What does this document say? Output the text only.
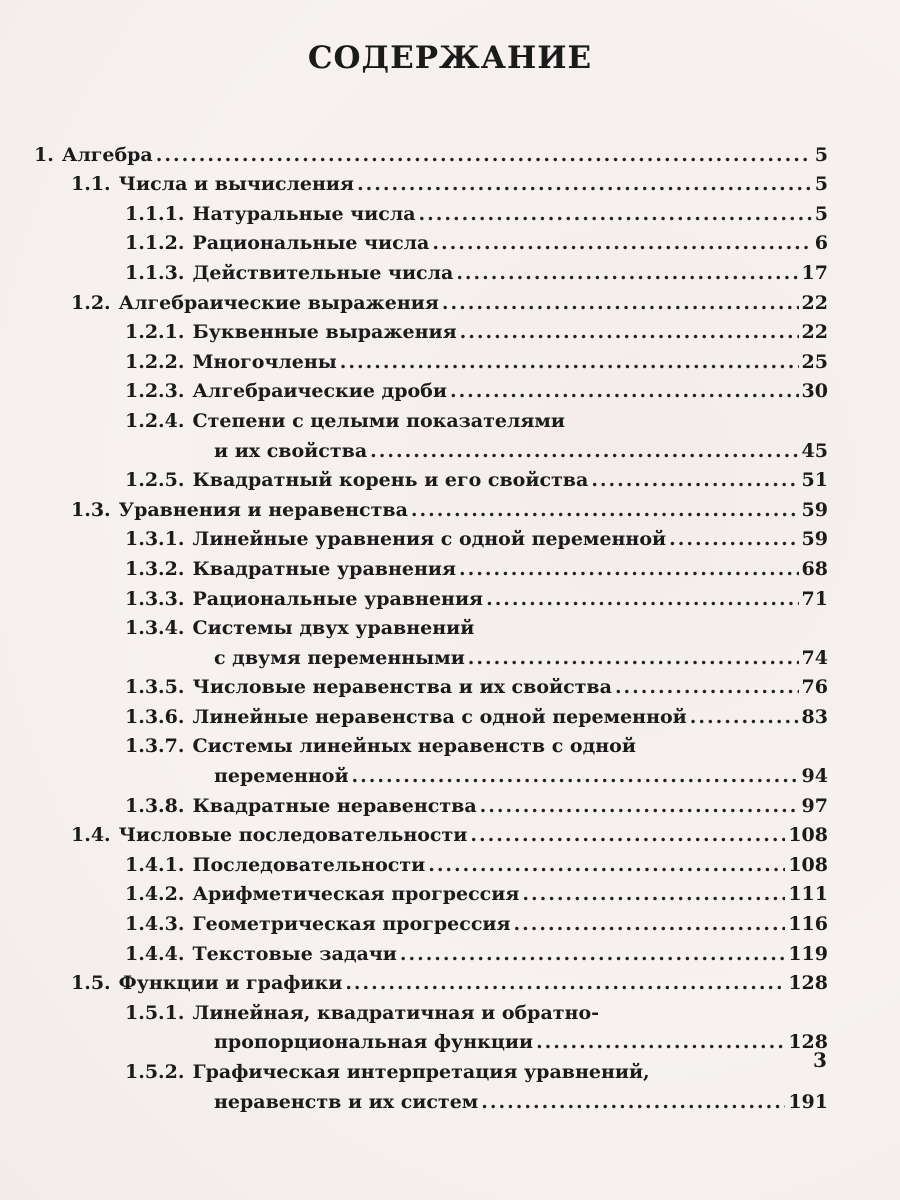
СОДЕРЖАНИЕ
1. Алгебра .....	5
1.1. Числа и вычисления .....	5
1.1.1. Натуральные числа .....	5
1.1.2. Рациональные числа .....	6
1.1.3. Действительные числа .....	17
1.2. Алгебраические выражения .....	22
1.2.1. Буквенные выражения .....	22
1.2.2. Многочлены .....	25
1.2.3. Алгебраические дроби .....	30
1.2.4. Степени с целыми показателями
и их свойства .....	45
1.2.5. Квадратный корень и его свойства .....	51
1.3. Уравнения и неравенства .....	59
1.3.1. Линейные уравнения с одной переменной .....	59
1.3.2. Квадратные уравнения .....	68
1.3.3. Рациональные уравнения .....	71
1.3.4. Системы двух уравнений
с двумя переменными .....	74
1.3.5. Числовые неравенства и их свойства .....	76
1.3.6. Линейные неравенства с одной переменной .....	83
1.3.7. Системы линейных неравенств с одной
переменной .....	94
1.3.8. Квадратные неравенства .....	97
1.4. Числовые последовательности .....	108
1.4.1. Последовательности .....	108
1.4.2. Арифметическая прогрессия .....	111
1.4.3. Геометрическая прогрессия .....	116
1.4.4. Текстовые задачи .....	119
1.5. Функции и графики .....	128
1.5.1. Линейная, квадратичная и обратно-
пропорциональная функции .....	128
1.5.2. Графическая интерпретация уравнений,
неравенств и их систем .....	191
3
